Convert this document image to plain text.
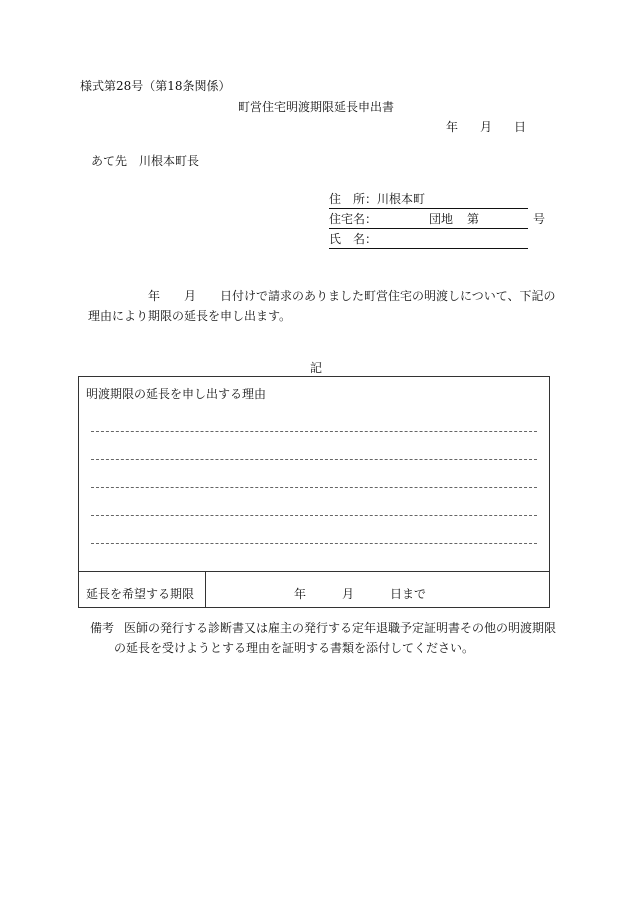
様式第28号（第18条関係）
町営住宅明渡期限延長申出書
年 月 日
あて先 川根本町長
住　所：川根本町
住宅名：	団地 第	号
氏　名：
年 月 日付けで請求のありました町営住宅の明渡しについて、下記の
理由により期限の延長を申し出ます。
記
明渡期限の延長を申し出する理由
延長を希望する期限	年	月	日まで
備考 医師の発行する診断書又は雇主の発行する定年退職予定証明書その他の明渡期限
の延長を受けようとする理由を証明する書類を添付してください。
